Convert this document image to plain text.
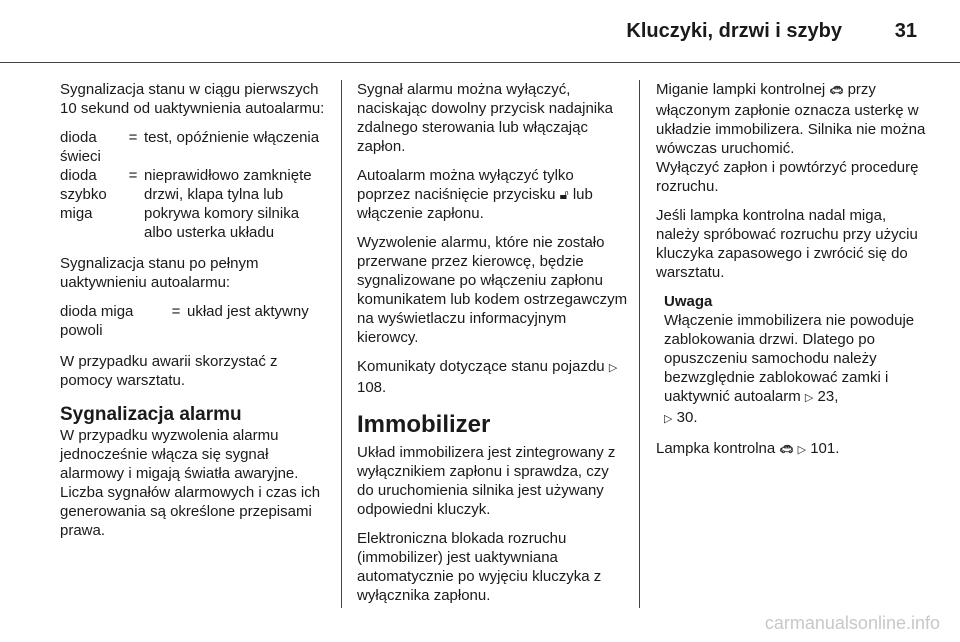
Kluczyki, drzwi i szyby	31

Sygnalizacja stanu w ciągu pierwszych 10 sekund od uaktywnienia autoalarmu:

dioda świeci
= test, opóźnienie włączenia
dioda szybko miga
= nieprawidłowo zamknięte drzwi, klapa tylna lub pokrywa komory silnika albo usterka układu

Sygnalizacja stanu po pełnym uaktywnieniu autoalarmu:

dioda miga powoli
= układ jest aktywny

W przypadku awarii skorzystać z pomocy warsztatu.

Sygnalizacja alarmu

W przypadku wyzwolenia alarmu jednocześnie włącza się sygnał alarmowy i migają światła awaryjne. Liczba sygnałów alarmowych i czas ich generowania są określone przepisami prawa.

Sygnał alarmu można wyłączyć, naciskając dowolny przycisk nadajnika zdalnego sterowania lub włączając zapłon.

Autoalarm można wyłączyć tylko poprzez naciśnięcie przycisku 🔓︎ lub włączenie zapłonu.

Wyzwolenie alarmu, które nie zostało przerwane przez kierowcę, będzie sygnalizowane po włączeniu zapłonu komunikatem lub kodem ostrzegawczym na wyświetlaczu informacyjnym kierowcy.

Komunikaty dotyczące stanu pojazdu ▷ 108.

Immobilizer

Układ immobilizera jest zintegrowany z wyłącznikiem zapłonu i sprawdza, czy do uruchomienia silnika jest używany odpowiedni kluczyk.

Elektroniczna blokada rozruchu (immobilizer) jest uaktywniana automatycznie po wyjęciu kluczyka z wyłącznika zapłonu.

Miganie lampki kontrolnej 🚗︎ przy włączonym zapłonie oznacza usterkę w układzie immobilizera. Silnika nie można wówczas uruchomić.

Wyłączyć zapłon i powtórzyć procedurę rozruchu.

Jeśli lampka kontrolna nadal miga, należy spróbować rozruchu przy użyciu kluczyka zapasowego i zwrócić się do warsztatu.

Uwaga
Włączenie immobilizera nie powoduje zablokowania drzwi. Dlatego po opuszczeniu samochodu należy bezwzględnie zablokować zamki i uaktywnić autoalarm ▷ 23,
▷ 30.

Lampka kontrolna 🚗︎ ▷ 101.

carmanualsonline.info
